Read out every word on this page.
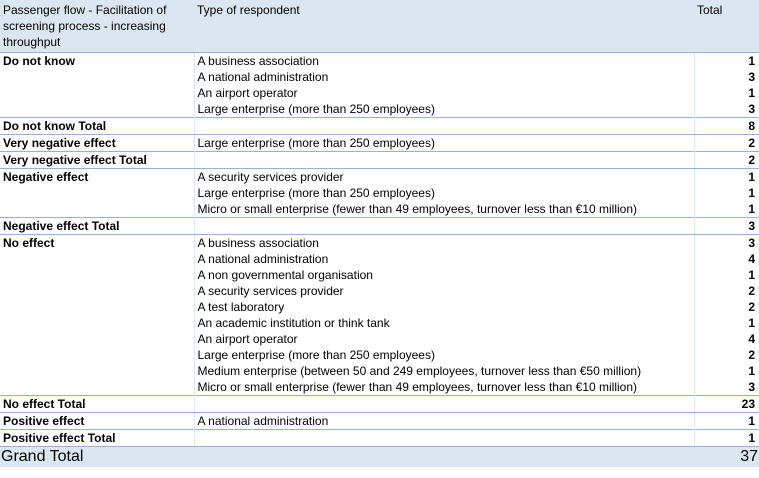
Passenger flow - Facilitation of screening process - increasing throughput	Type of respondent	Total
Do not know	A business association	1
	A national administration	3
	An airport operator	1
	Large enterprise (more than 250 employees)	3
Do not know Total		8
Very negative effect	Large enterprise (more than 250 employees)	2
Very negative effect Total		2
Negative effect	A security services provider	1
	Large enterprise (more than 250 employees)	1
	Micro or small enterprise (fewer than 49 employees, turnover less than €10 million)	1
Negative effect Total		3
No effect	A business association	3
	A national administration	4
	A non governmental organisation	1
	A security services provider	2
	A test laboratory	2
	An academic institution or think tank	1
	An airport operator	4
	Large enterprise (more than 250 employees)	2
	Medium enterprise (between 50 and 249 employees, turnover less than €50 million)	1
	Micro or small enterprise (fewer than 49 employees, turnover less than €10 million)	3
No effect Total		23
Positive effect	A national administration	1
Positive effect Total		1
Grand Total		37
